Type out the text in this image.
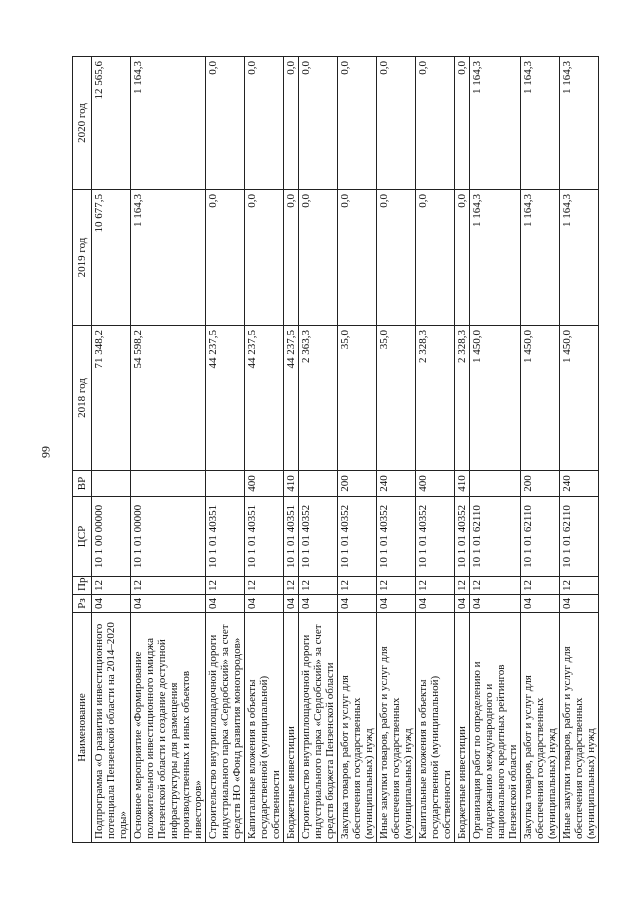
99
Наименование	Рз	Пр	ЦСР	ВР	2018 год	2019 год	2020 год
Подпрограмма «О развитии инвестиционного потенциала Пензенской области на 2014–2020 годы»	04	12	10 1 00 00000		71 348,2	10 677,5	12 565,6
Основное мероприятие «Формирование положительного инвестиционного имиджа Пензенской области и создание доступной инфраструктуры для размещения производственных и иных объектов инвесторов»	04	12	10 1 01 00000		54 598,2	1 164,3	1 164,3
Строительство внутриплощадочной дороги индустриального парка «Сердобский» за счет средств НО «Фонд развития моногородов»	04	12	10 1 01 40351		44 237,5	0,0	0,0
Капитальные вложения в объекты государственной (муниципальной) собственности	04	12	10 1 01 40351	400	44 237,5	0,0	0,0
Бюджетные инвестиции	04	12	10 1 01 40351	410	44 237,5	0,0	0,0
Строительство внутриплощадочной дороги индустриального парка «Сердобский» за счет средств бюджета Пензенской области	04	12	10 1 01 40352		2 363,3	0,0	0,0
Закупка товаров, работ и услуг для обеспечения государственных (муниципальных) нужд	04	12	10 1 01 40352	200	35,0	0,0	0,0
Иные закупки товаров, работ и услуг для обеспечения государственных (муниципальных) нужд	04	12	10 1 01 40352	240	35,0	0,0	0,0
Капитальные вложения в объекты государственной (муниципальной) собственности	04	12	10 1 01 40352	400	2 328,3	0,0	0,0
Бюджетные инвестиции	04	12	10 1 01 40352	410	2 328,3	0,0	0,0
Организация работ по определению и поддержанию международного и национального кредитных рейтингов Пензенской области	04	12	10 1 01 62110		1 450,0	1 164,3	1 164,3
Закупка товаров, работ и услуг для обеспечения государственных (муниципальных) нужд	04	12	10 1 01 62110	200	1 450,0	1 164,3	1 164,3
Иные закупки товаров, работ и услуг для обеспечения государственных (муниципальных) нужд	04	12	10 1 01 62110	240	1 450,0	1 164,3	1 164,3
